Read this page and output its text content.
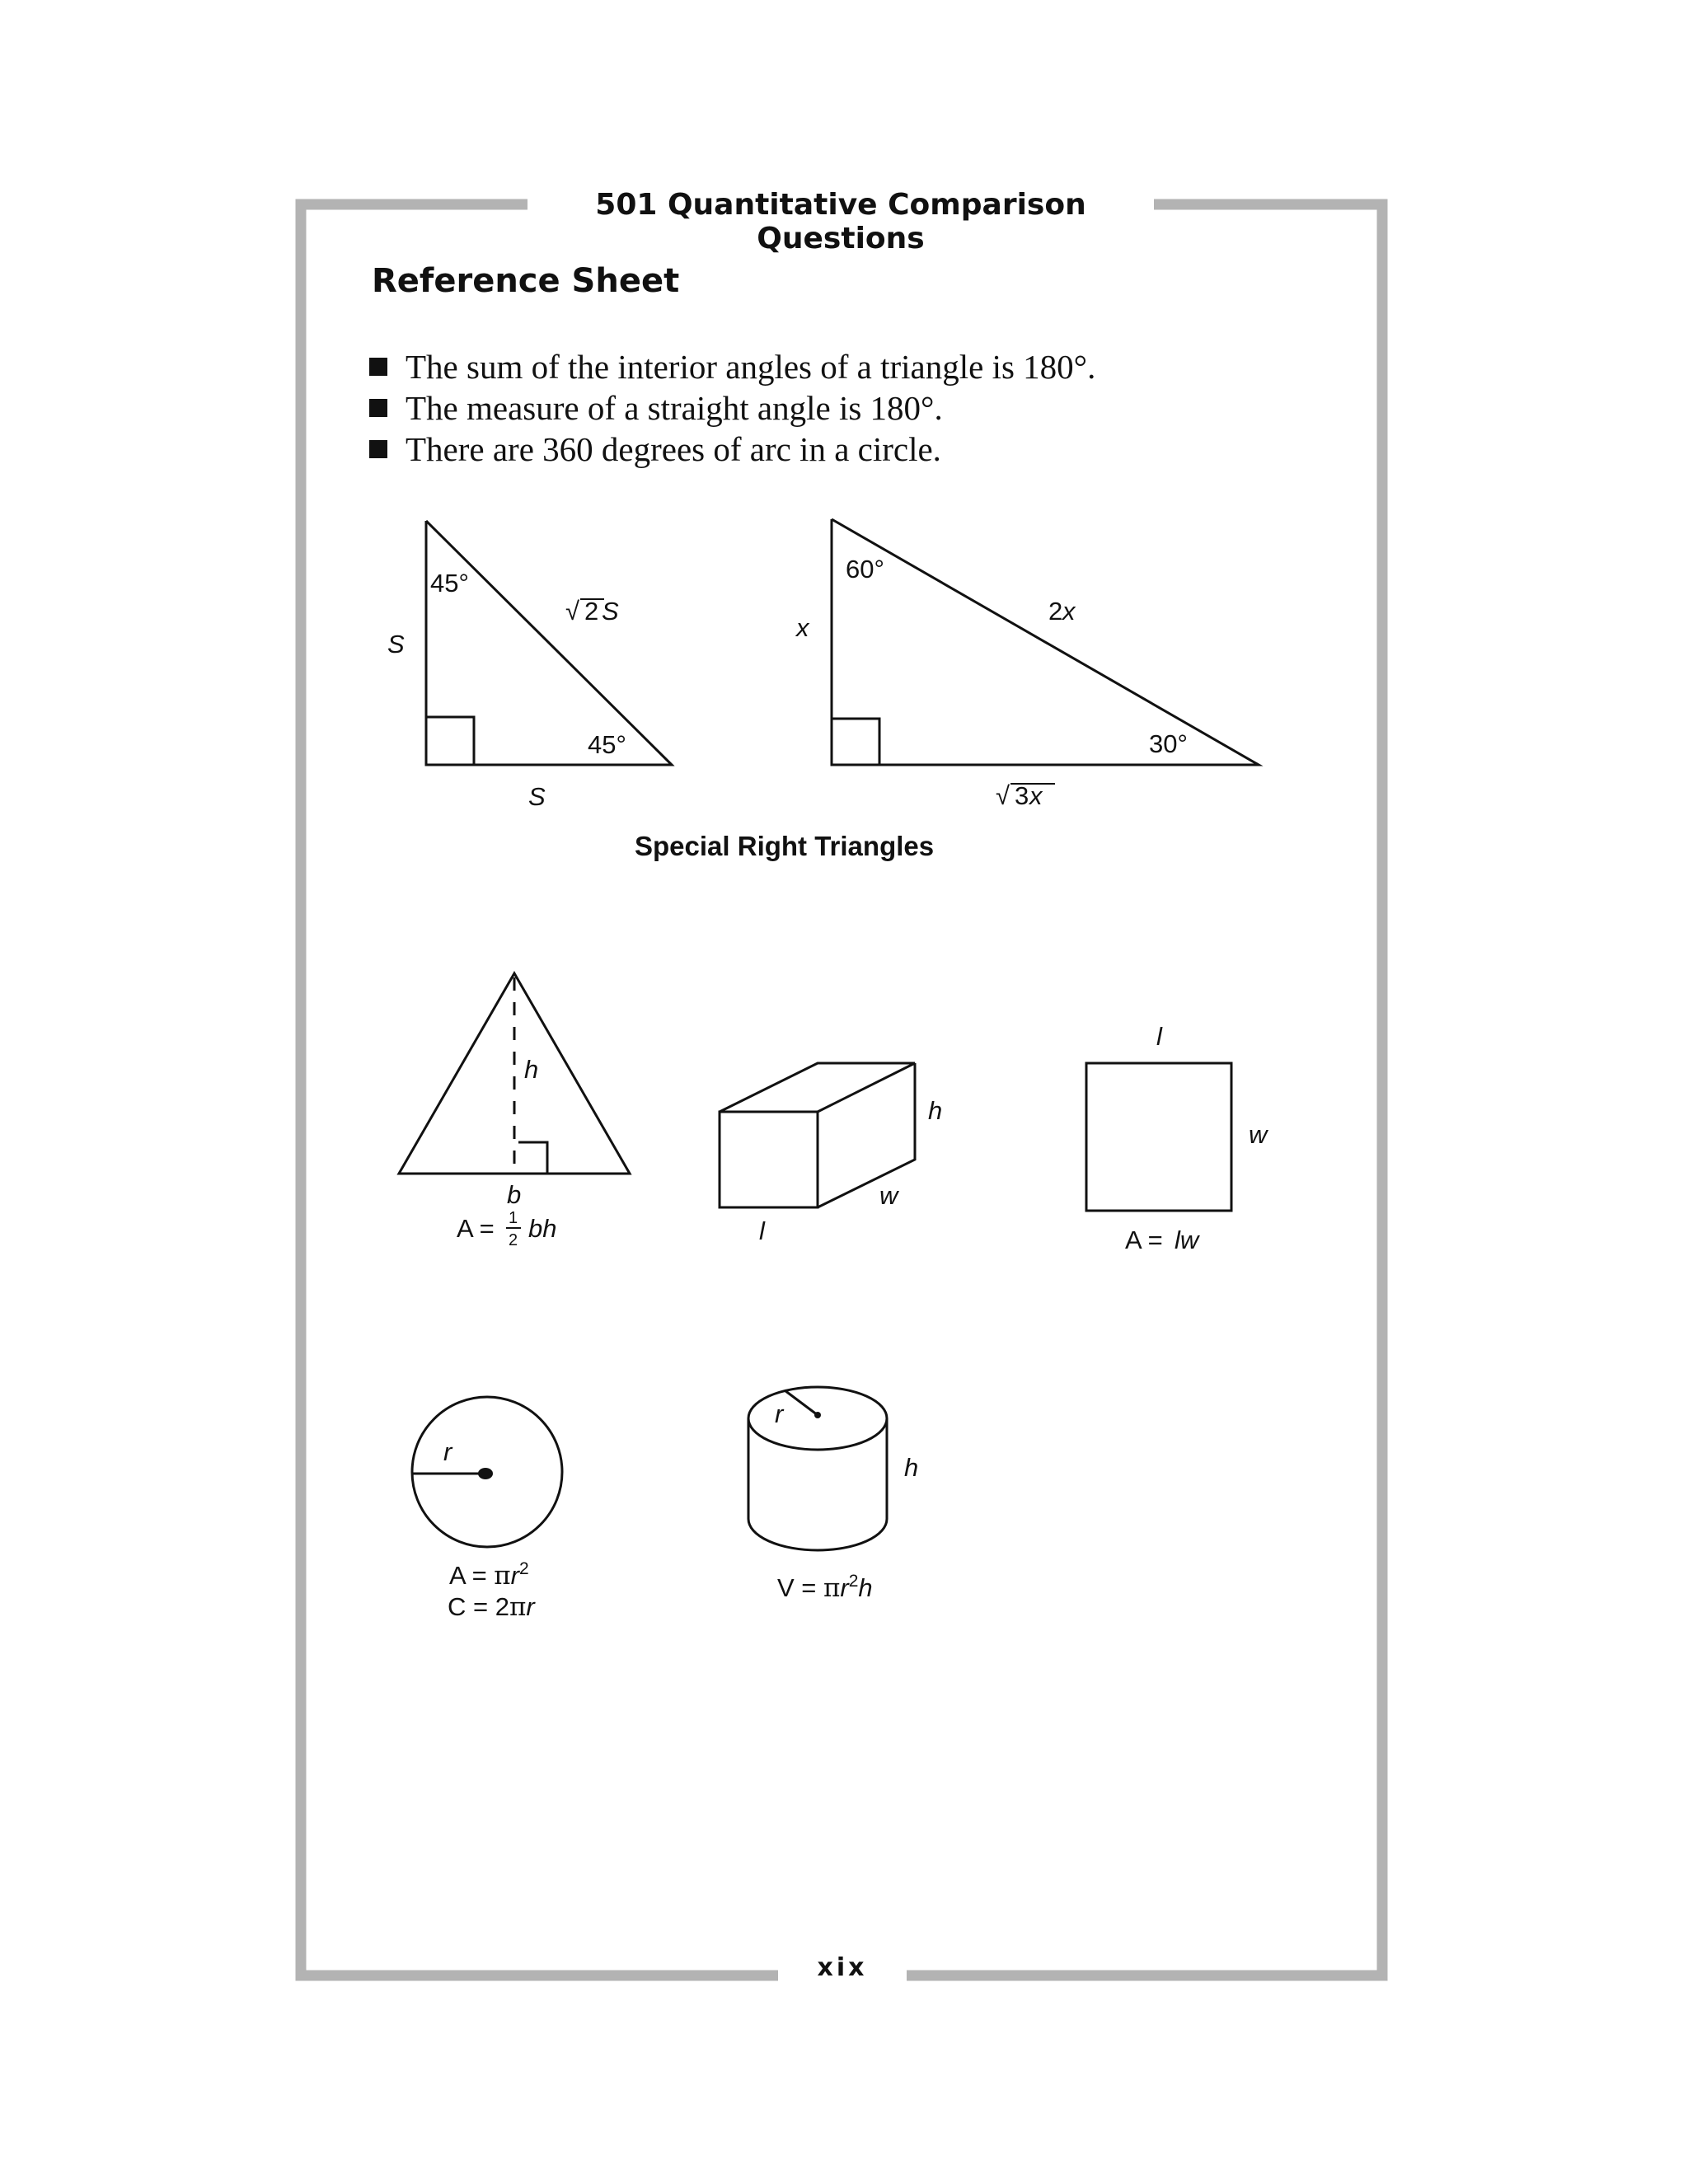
501 Quantitative Comparison Questions
xix
Reference Sheet
The sum of the interior angles of a triangle is 180°.
The measure of a straight angle is 180°.
There are 360 degrees of arc in a circle.
45°
45°
S
S
√ 2 S
60°
30°
x
2 x
√ 3 x
Special Right Triangles
h
b
A = 1
2 bh
h
w
l
l
w
A = lw
r
$A = \pi r^2$
C = 2πr
r
h
$V = \pi r^2h$
